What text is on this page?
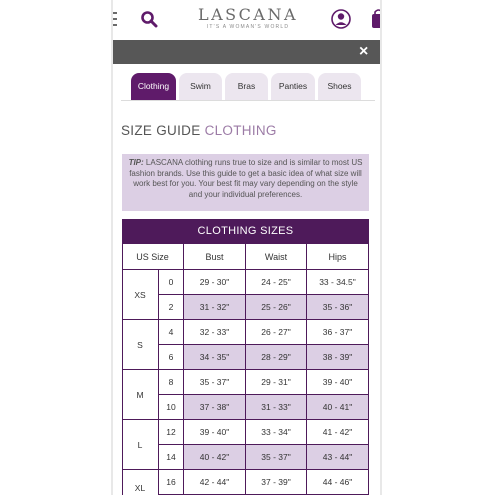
LASCANA
IT'S A WOMAN'S WORLD
×
Clothing	Swim	Bras	Panties	Shoes
SIZE GUIDE CLOTHING
TIP: LASCANA clothing runs true to size and is similar to most US fashion brands. Use this guide to get a basic idea of what size will work best for you. Your best fit may vary depending on the style and your individual preferences.
CLOTHING SIZES
US Size	Bust	Waist	Hips
XS
0	29 - 30"	24 - 25"	33 - 34.5"
2	31 - 32"	25 - 26"	35 - 36"
S
4	32 - 33"	26 - 27"	36 - 37"
6	34 - 35"	28 - 29"	38 - 39"
M
8	35 - 37"	29 - 31"	39 - 40"
10	37 - 38"	31 - 33"	40 - 41"
L
12	39 - 40"	33 - 34"	41 - 42"
14	40 - 42"	35 - 37"	43 - 44"
XL
16	42 - 44"	37 - 39"	44 - 46"
